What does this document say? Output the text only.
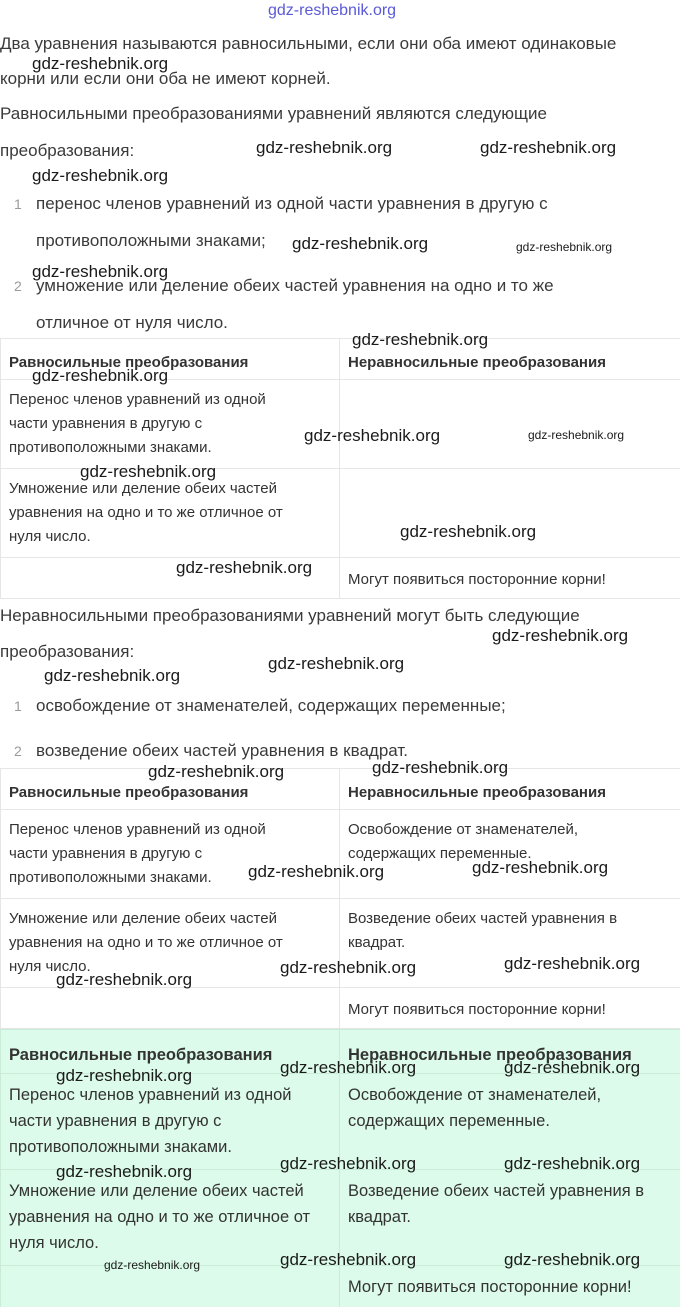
Два уравнения называются равносильными, если они оба имеют одинаковые
корни или если они оба не имеют корней.
Равносильными преобразованиями уравнений являются следующие
преобразования:
1 перенос членов уравнений из одной части уравнения в другую с
противоположными знаками;
2 умножение или деление обеих частей уравнения на одно и то же
отличное от нуля число.
Равносильные преобразования	Неравносильные преобразования

Перенос членов уравнений из одной
части уравнения в другую с
противоположными знаками.	

Умножение или деление обеих частей
уравнения на одно и то же отличное от
нуля число.	

	Могут появиться посторонние корни!
Неравносильными преобразованиями уравнений могут быть следующие
преобразования:
1 освобождение от знаменателей, содержащих переменные;
2 возведение обеих частей уравнения в квадрат.
Равносильные преобразования	Неравносильные преобразования

Перенос членов уравнений из одной
части уравнения в другую с
противоположными знаками.	Освобождение от знаменателей,
содержащих переменные.

Умножение или деление обеих частей
уравнения на одно и то же отличное от
нуля число.	Возведение обеих частей уравнения в
квадрат.

	Могут появиться посторонние корни!
Равносильные преобразования	Неравносильные преобразования

Перенос членов уравнений из одной
части уравнения в другую с
противоположными знаками.	Освобождение от знаменателей,
содержащих переменные.

Умножение или деление обеих частей
уравнения на одно и то же отличное от
нуля число.	Возведение обеих частей уравнения в
квадрат.

	Могут появиться посторонние корни!
gdz-reshebnik.org
gdz-reshebnik.org
gdz-reshebnik.org	gdz-reshebnik.org
gdz-reshebnik.org
gdz-reshebnik.org	gdz-reshebnik.org
gdz-reshebnik.org
gdz-reshebnik.org
gdz-reshebnik.org
gdz-reshebnik.org	gdz-reshebnik.org
gdz-reshebnik.org
gdz-reshebnik.org
gdz-reshebnik.org
gdz-reshebnik.org
gdz-reshebnik.org
gdz-reshebnik.org
gdz-reshebnik.org	gdz-reshebnik.org
gdz-reshebnik.org	gdz-reshebnik.org
gdz-reshebnik.org	gdz-reshebnik.org
gdz-reshebnik.org
gdz-reshebnik.org	gdz-reshebnik.org
gdz-reshebnik.org
gdz-reshebnik.org	gdz-reshebnik.org
gdz-reshebnik.org
gdz-reshebnik.org	gdz-reshebnik.org
gdz-reshebnik.org
